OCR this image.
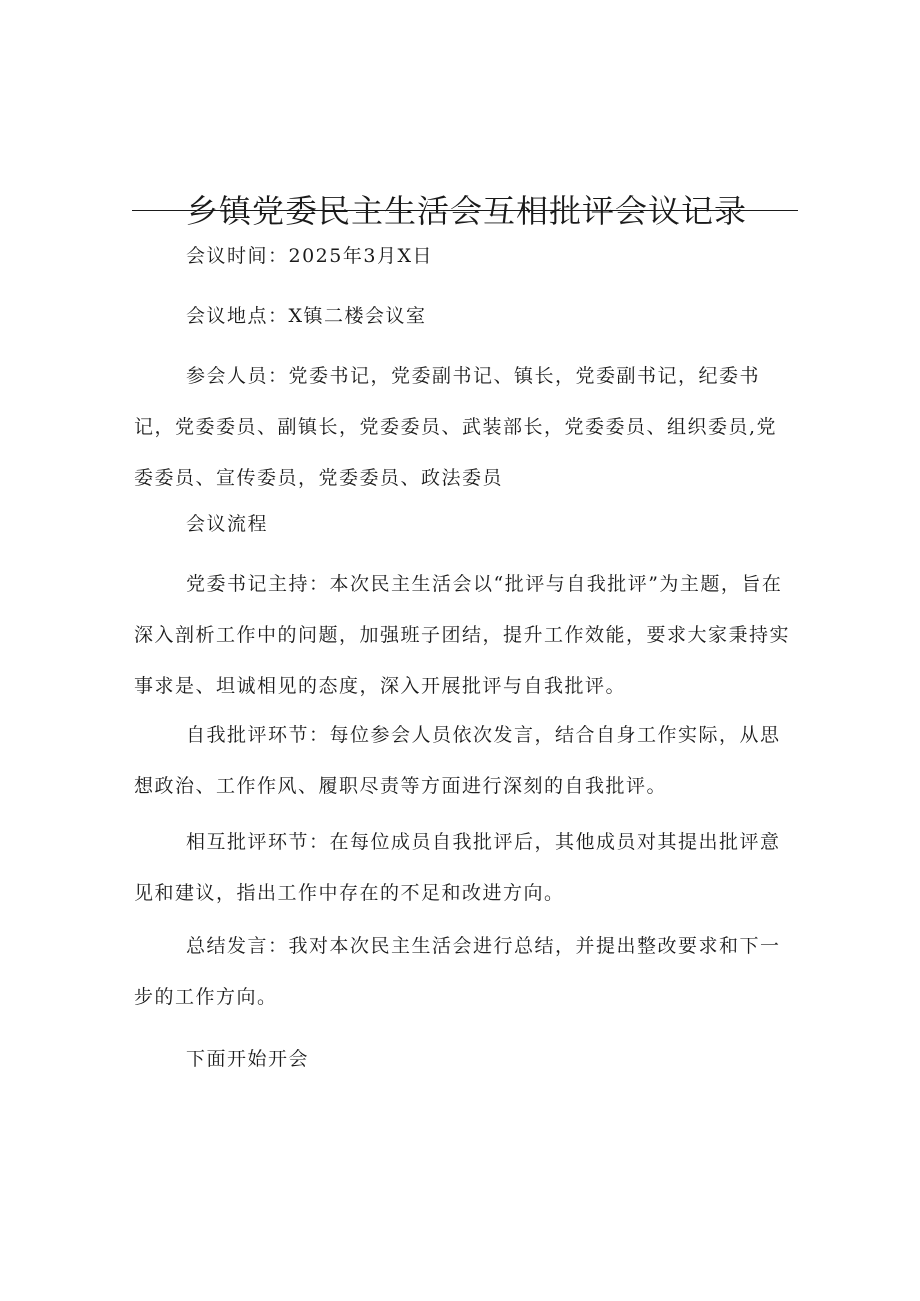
乡镇党委民主生活会互相批评会议记录

会议时间：2025年3月X日

会议地点：X镇二楼会议室

参会人员：党委书记，党委副书记、镇长，党委副书记，纪委书记，党委委员、副镇长，党委委员、武装部长，党委委员、组织委员,党委委员、宣传委员，党委委员、政法委员

会议流程

党委书记主持：本次民主生活会以“批评与自我批评”为主题，旨在深入剖析工作中的问题，加强班子团结，提升工作效能，要求大家秉持实事求是、坦诚相见的态度，深入开展批评与自我批评。

自我批评环节：每位参会人员依次发言，结合自身工作实际，从思想政治、工作作风、履职尽责等方面进行深刻的自我批评。

相互批评环节：在每位成员自我批评后，其他成员对其提出批评意见和建议，指出工作中存在的不足和改进方向。

总结发言：我对本次民主生活会进行总结，并提出整改要求和下一步的工作方向。

下面开始开会
